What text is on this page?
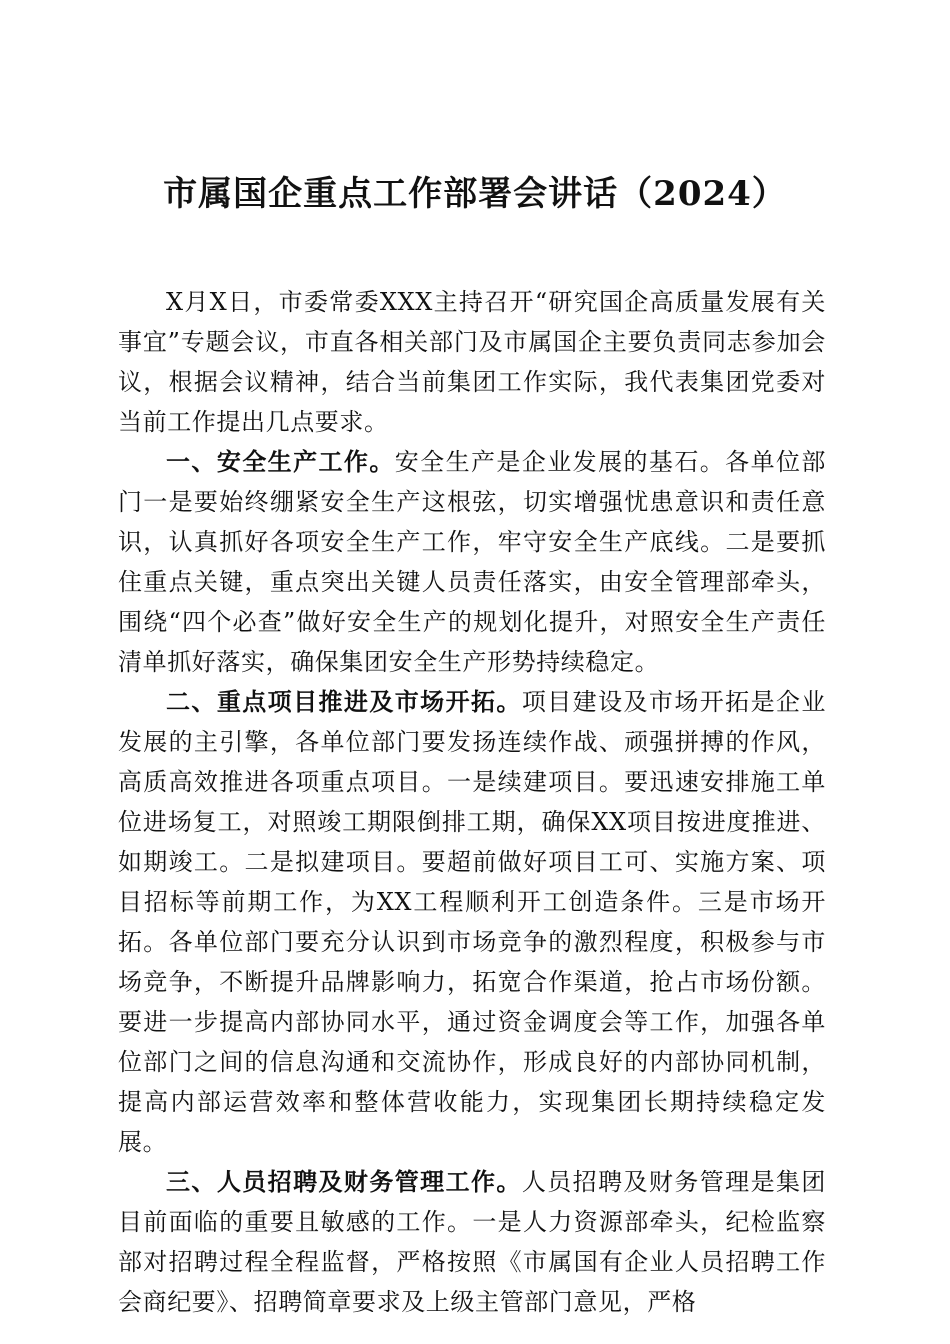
市属国企重点工作部署会讲话（2024）

X月X日，市委常委XXX主持召开“研究国企高质量发展有关事宜”专题会议，市直各相关部门及市属国企主要负责同志参加会议，根据会议精神，结合当前集团工作实际，我代表集团党委对当前工作提出几点要求。

一、安全生产工作。安全生产是企业发展的基石。各单位部门一是要始终绷紧安全生产这根弦，切实增强忧患意识和责任意识，认真抓好各项安全生产工作，牢守安全生产底线。二是要抓住重点关键，重点突出关键人员责任落实，由安全管理部牵头，围绕“四个必查”做好安全生产的规划化提升，对照安全生产责任清单抓好落实，确保集团安全生产形势持续稳定。

二、重点项目推进及市场开拓。项目建设及市场开拓是企业发展的主引擎，各单位部门要发扬连续作战、顽强拼搏的作风，高质高效推进各项重点项目。一是续建项目。要迅速安排施工单位进场复工，对照竣工期限倒排工期，确保XX项目按进度推进、如期竣工。二是拟建项目。要超前做好项目工可、实施方案、项目招标等前期工作，为XX工程顺利开工创造条件。三是市场开拓。各单位部门要充分认识到市场竞争的激烈程度，积极参与市场竞争，不断提升品牌影响力，拓宽合作渠道，抢占市场份额。要进一步提高内部协同水平，通过资金调度会等工作，加强各单位部门之间的信息沟通和交流协作，形成良好的内部协同机制，提高内部运营效率和整体营收能力，实现集团长期持续稳定发展。

三、人员招聘及财务管理工作。人员招聘及财务管理是集团目前面临的重要且敏感的工作。一是人力资源部牵头，纪检监察部对招聘过程全程监督，严格按照《市属国有企业人员招聘工作会商纪要》、招聘简章要求及上级主管部门意见，严格
